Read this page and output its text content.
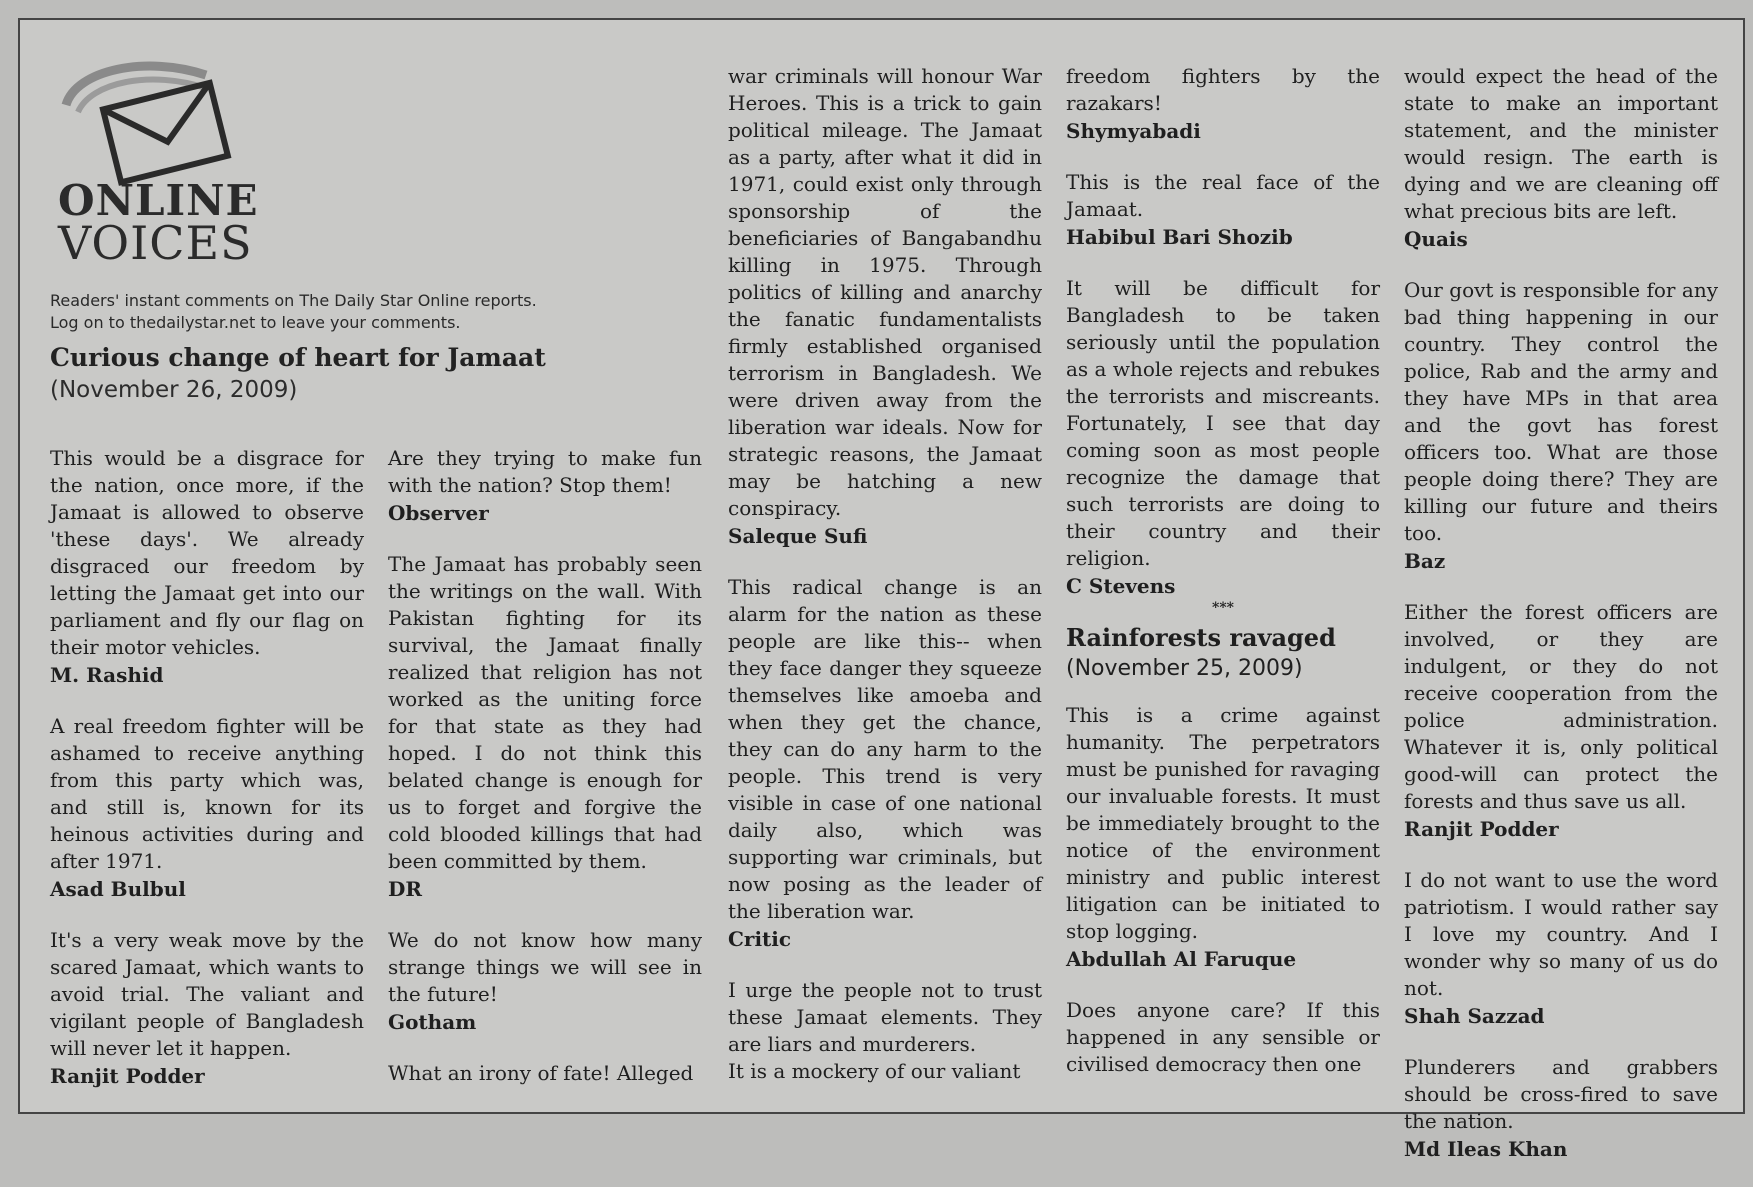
ONLINE
VOICES
Readers' instant comments on The Daily Star Online reports.
Log on to thedailystar.net to leave your comments.
Curious change of heart for Jamaat
(November 26, 2009)

This would be a disgrace for the nation, once more, if the Jamaat is allowed to observe 'these days'. We already disgraced our freedom by letting the Jamaat get into our parliament and fly our flag on their motor vehicles.

M. Rashid

A real freedom fighter will be ashamed to receive anything from this party which was, and still is, known for its heinous activities during and after 1971.

Asad Bulbul

It's a very weak move by the scared Jamaat, which wants to avoid trial. The valiant and vigilant people of Bangladesh will never let it happen.

Ranjit Podder

Are they trying to make fun with the nation? Stop them!

Observer

The Jamaat has probably seen the writings on the wall. With Pakistan fighting for its survival, the Jamaat finally realized that religion has not worked as the uniting force for that state as they had hoped. I do not think this belated change is enough for us to forget and forgive the cold blooded killings that had been committed by them.

DR

We do not know how many strange things we will see in the future!

Gotham

What an irony of fate! Alleged

war criminals will honour War Heroes. This is a trick to gain political mileage. The Jamaat as a party, after what it did in 1971, could exist only through sponsorship of the beneficiaries of Bangabandhu killing in 1975. Through politics of killing and anarchy the fanatic fundamentalists firmly established organised terrorism in Bangladesh. We were driven away from the liberation war ideals. Now for strategic reasons, the Jamaat may be hatching a new conspiracy.

Saleque Sufi

This radical change is an alarm for the nation as these people are like this-- when they face danger they squeeze themselves like amoeba and when they get the chance, they can do any harm to the people. This trend is very visible in case of one national daily also, which was supporting war criminals, but now posing as the leader of the liberation war.

Critic

I urge the people not to trust these Jamaat elements. They are liars and murderers.

It is a mockery of our valiant

freedom fighters by the razakars!

Shymyabadi

This is the real face of the Jamaat.

Habibul Bari Shozib

It will be difficult for Bangladesh to be taken seriously until the population as a whole rejects and rebukes the terrorists and miscreants. Fortunately, I see that day coming soon as most people recognize the damage that such terrorists are doing to their country and their religion.

C Stevens
***
Rainforests ravaged
(November 25, 2009)

This is a crime against humanity. The perpetrators must be punished for ravaging our invaluable forests. It must be immediately brought to the notice of the environment ministry and public interest litigation can be initiated to stop logging.

Abdullah Al Faruque

Does anyone care? If this happened in any sensible or civilised democracy then one

would expect the head of the state to make an important statement, and the minister would resign. The earth is dying and we are cleaning off what precious bits are left.

Quais

Our govt is responsible for any bad thing happening in our country. They control the police, Rab and the army and they have MPs in that area and the govt has forest officers too. What are those people doing there? They are killing our future and theirs too.

Baz

Either the forest officers are involved, or they are indulgent, or they do not receive cooperation from the police administration. Whatever it is, only political good-will can protect the forests and thus save us all.

Ranjit Podder

I do not want to use the word patriotism. I would rather say I love my country. And I wonder why so many of us do not.

Shah Sazzad

Plunderers and grabbers should be cross-fired to save the nation.

Md Ileas Khan
